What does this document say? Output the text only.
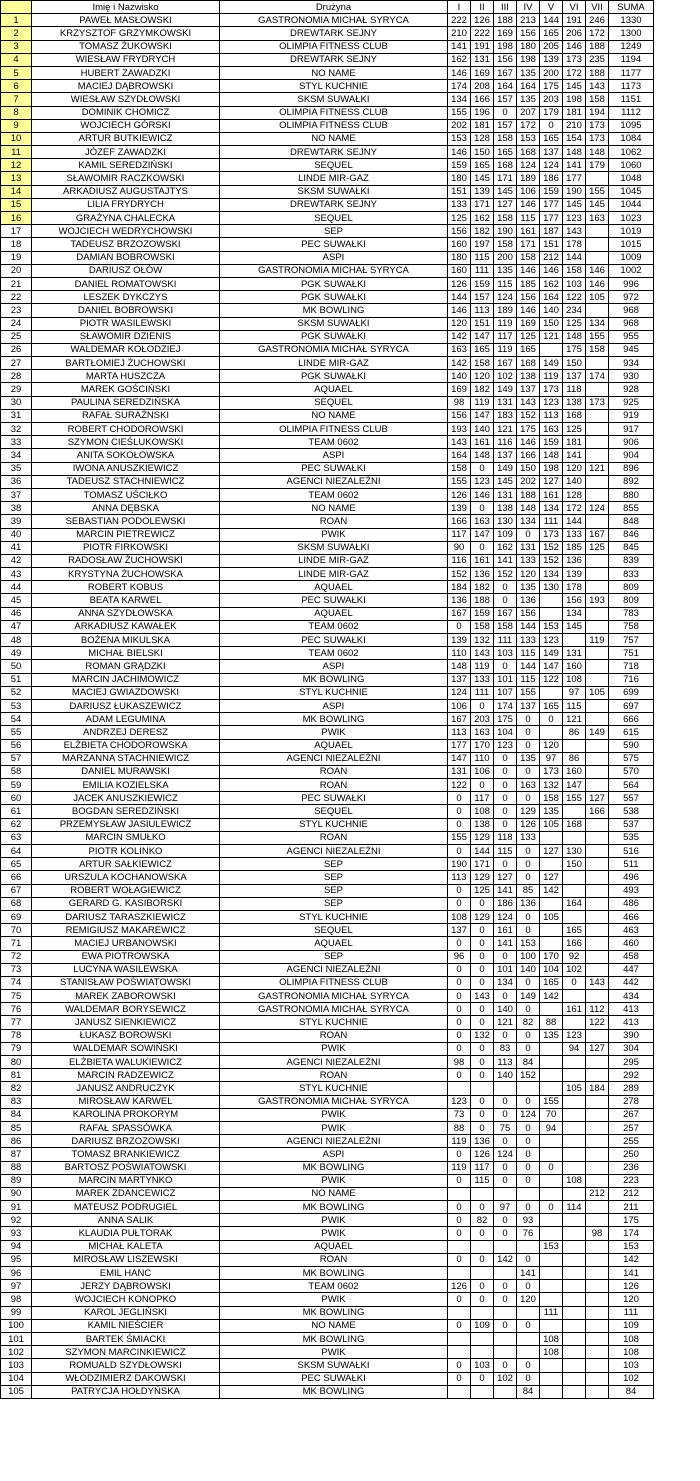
	Imię i Nazwisko	Drużyna	I	II	III	IV	V	VI	VII	SUMA
1	PAWEŁ MASŁOWSKI	GASTRONOMIA MICHAŁ SYRYCA	222	126	188	213	144	191	246	1330
2	KRZYSZTOF GRZYMKOWSKI	DREWTARK SEJNY	210	222	169	156	165	206	172	1300
3	TOMASZ ŻUKOWSKI	OLIMPIA FITNESS CLUB	141	191	198	180	205	146	188	1249
4	WIESŁAW FRYDRYCH	DREWTARK SEJNY	162	131	156	198	139	173	235	1194
5	HUBERT ZAWADZKI	NO NAME	146	169	167	135	200	172	188	1177
6	MACIEJ DĄBROWSKI	STYL KUCHNIE	174	208	164	164	175	145	143	1173
7	WIESŁAW SZYDŁOWSKI	SKSM SUWAŁKI	134	166	157	135	203	198	158	1151
8	DOMINIK CHOMICZ	OLIMPIA FITNESS CLUB	155	196	0	207	179	181	194	1112
9	WOJCIECH GÓRSKI	OLIMPIA FITNESS CLUB	202	181	157	172	0	210	173	1095
10	ARTUR BUTKIEWICZ	NO NAME	153	128	158	153	165	154	173	1084
11	JÓZEF ZAWADZKI	DREWTARK SEJNY	146	150	165	168	137	148	148	1062
12	KAMIL SEREDZIŃSKI	SEQUEL	159	165	168	124	124	141	179	1060
13	SŁAWOMIR RACZKOWSKI	LINDE MIR-GAZ	180	145	171	189	186	177		1048
14	ARKADIUSZ AUGUSTAJTYS	SKSM SUWAŁKI	151	139	145	106	159	190	155	1045
15	LILIA FRYDRYCH	DREWTARK SEJNY	133	171	127	146	177	145	145	1044
16	GRAŻYNA CHALECKA	SEQUEL	125	162	158	115	177	123	163	1023
17	WOJCIECH WEDRYCHOWSKI	SEP	156	182	190	161	187	143		1019
18	TADEUSZ BRZOZOWSKI	PEC SUWAŁKI	160	197	158	171	151	178		1015
19	DAMIAN BOBROWSKI	ASPI	180	115	200	158	212	144		1009
20	DARIUSZ OŁÓW	GASTRONOMIA MICHAŁ SYRYCA	160	111	135	146	146	158	146	1002
21	DANIEL ROMATOWSKI	PGK SUWAŁKI	126	159	115	185	162	103	146	996
22	LESZEK DYKCZYS	PGK SUWAŁKI	144	157	124	156	164	122	105	972
23	DANIEL BOBROWSKI	MK BOWLING	146	113	189	146	140	234		968
24	PIOTR WASILEWSKI	SKSM SUWAŁKI	120	151	119	169	150	125	134	968
25	SŁAWOMIR DZIENIS	PGK SUWAŁKI	142	147	117	125	121	148	155	955
26	WALDEMAR KOŁODZIEJ	GASTRONOMIA MICHAŁ SYRYCA	163	165	119	165		175	158	945
27	BARTŁOMIEJ ŻUCHOWSKI	LINDE MIR-GAZ	142	158	167	168	149	150		934
28	MARTA HUSZCZA	PGK SUWAŁKI	140	120	102	138	119	137	174	930
29	MAREK GOŚCIŃSKI	AQUAEL	169	182	149	137	173	118		928
30	PAULINA SEREDZIŃSKA	SEQUEL	98	119	131	143	123	138	173	925
31	RAFAŁ SURAŻNSKI	NO NAME	156	147	183	152	113	168		919
32	ROBERT CHODOROWSKI	OLIMPIA FITNESS CLUB	193	140	121	175	163	125		917
33	SZYMON CIEŚLUKOWSKI	TEAM 0602	143	161	116	146	159	181		906
34	ANITA SOKOŁOWSKA	ASPI	164	148	137	166	148	141		904
35	IWONA ANUSZKIEWICZ	PEC SUWAŁKI	158	0	149	150	198	120	121	896
36	TADEUSZ STACHNIEWICZ	AGENCI NIEZALEŻNI	155	123	145	202	127	140		892
37	TOMASZ UŚCIŁKO	TEAM 0602	126	146	131	188	161	128		880
38	ANNA DĘBSKA	NO NAME	139	0	138	148	134	172	124	855
39	SEBASTIAN PODOLEWSKI	ROAN	166	163	130	134	111	144		848
40	MARCIN PIETREWICZ	PWIK	117	147	109	0	173	133	167	846
41	PIOTR FIRKOWSKI	SKSM SUWAŁKI	90	0	162	131	152	185	125	845
42	RADOSŁAW ŻUCHOWSKI	LINDE MIR-GAZ	116	161	141	133	152	136		839
43	KRYSTYNA ŻUCHOWSKA	LINDE MIR-GAZ	152	136	152	120	134	139		833
44	ROBERT KOBUS	AQUAEL	184	182	0	135	130	178		809
45	BEATA KARWEL	PEC SUWAŁKI	136	188	0	136		156	193	809
46	ANNA SZYDŁOWSKA	AQUAEL	167	159	167	156		134		783
47	ARKADIUSZ KAWAŁEK	TEAM 0602	0	158	158	144	153	145		758
48	BOŻENA MIKULSKA	PEC SUWAŁKI	139	132	111	133	123		119	757
49	MICHAŁ BIELSKI	TEAM 0602	110	143	103	115	149	131		751
50	ROMAN GRĄDZKI	ASPI	148	119	0	144	147	160		718
51	MARCIN JACHIMOWICZ	MK BOWLING	137	133	101	115	122	108		716
52	MACIEJ GWIAZDOWSKI	STYL KUCHNIE	124	111	107	155		97	105	699
53	DARIUSZ ŁUKASZEWICZ	ASPI	106	0	174	137	165	115		697
54	ADAM LEGUMINA	MK BOWLING	167	203	175	0	0	121		666
55	ANDRZEJ DERESZ	PWIK	113	163	104	0		86	149	615
56	ELŻBIETA CHODOROWSKA	AQUAEL	177	170	123	0	120			590
57	MARZANNA STACHNIEWICZ	AGENCI NIEZALEŻNI	147	110	0	135	97	86		575
58	DANIEL MURAWSKI	ROAN	131	106	0	0	173	160		570
59	EMILIA KOZIELSKA	ROAN	122	0	0	163	132	147		564
60	JACEK ANUSZKIEWICZ	PEC SUWAŁKI	0	117	0	0	158	155	127	557
61	BOGDAN SEREDZIŃSKI	SEQUEL	0	108	0	129	135		166	538
62	PRZEMYSŁAW JASIULEWICZ	STYL KUCHNIE	0	138	0	126	105	168		537
63	MARCIN SMUŁKO	ROAN	155	129	118	133				535
64	PIOTR KOLINKO	AGENCI NIEZALEŻNI	0	144	115	0	127	130		516
65	ARTUR SAŁKIEWICZ	SEP	190	171	0	0		150		511
66	URSZULA KOCHANOWSKA	SEP	113	129	127	0	127			496
67	ROBERT WOŁAGIEWICZ	SEP	0	125	141	85	142			493
68	GERARD G. KASIBORSKI	SEP	0	0	186	136		164		486
69	DARIUSZ TARASZKIEWICZ	STYL KUCHNIE	108	129	124	0	105			466
70	REMIGIUSZ MAKAREWICZ	SEQUEL	137	0	161	0		165		463
71	MACIEJ URBANOWSKI	AQUAEL	0	0	141	153		166		460
72	EWA PIOTROWSKA	SEP	96	0	0	100	170	92		458
73	LUCYNA WASILEWSKA	AGENCI NIEZALEŻNI	0	0	101	140	104	102		447
74	STANISŁAW POŚWIATOWSKI	OLIMPIA FITNESS CLUB	0	0	134	0	165	0	143	442
75	MAREK ZABOROWSKI	GASTRONOMIA MICHAŁ SYRYCA	0	143	0	149	142			434
76	WALDEMAR BORYSEWICZ	GASTRONOMIA MICHAŁ SYRYCA	0	0	140	0		161	112	413
77	JANUSZ SIENKIEWICZ	STYL KUCHNIE	0	0	121	82	88		122	413
78	ŁUKASZ BOROWSKI	ROAN	0	132	0	0	135	123		390
79	WALDEMAR SOWIŃSKI	PWIK	0	0	83	0		94	127	304
80	ELŻBIETA WALUKIEWICZ	AGENCI NIEZALEŻNI	98	0	113	84				295
81	MARCIN RADZEWICZ	ROAN	0	0	140	152				292
82	JANUSZ ANDRUCZYK	STYL KUCHNIE						105	184	289
83	MIROSŁAW KARWEL	GASTRONOMIA MICHAŁ SYRYCA	123	0	0	0	155			278
84	KAROLINA PROKORYM	PWIK	73	0	0	124	70			267
85	RAFAŁ SPASSÓWKA	PWIK	88	0	75	0	94			257
86	DARIUSZ BRZOZOWSKI	AGENCI NIEZALEŻNI	119	136	0	0				255
87	TOMASZ BRANKIEWICZ	ASPI	0	126	124	0				250
88	BARTOSZ POŚWIATOWSKI	MK BOWLING	119	117	0	0	0			236
89	MARCIN MARTYNKO	PWIK	0	115	0	0		108		223
90	MAREK ZDANCEWICZ	NO NAME							212	212
91	MATEUSZ PODRUGIEL	MK BOWLING	0	0	97	0	0	114		211
92	ANNA SALIK	PWIK	0	82	0	93				175
93	KLAUDIA PUŁTORAK	PWIK	0	0	0	76			98	174
94	MICHAŁ KALETA	AQUAEL					153			153
95	MIROSŁAW LISZEWSKI	ROAN	0	0	142	0				142
96	EMIL HANC	MK BOWLING				141				141
97	JERZY DĄBROWSKI	TEAM 0602	126	0	0	0				126
98	WOJCIECH KONOPKO	PWIK	0	0	0	120				120
99	KAROL JEGLIŃSKI	MK BOWLING					111			111
100	KAMIL NIEŚCIER	NO NAME	0	109	0	0				109
101	BARTEK ŚMIACKI	MK BOWLING					108			108
102	SZYMON MARCINKIEWICZ	PWIK					108			108
103	ROMUALD SZYDŁOWSKI	SKSM SUWAŁKI	0	103	0	0				103
104	WŁODZIMIERZ DAKOWSKI	PEC SUWAŁKI	0	0	102	0				102
105	PATRYCJA HOŁDYŃSKA	MK BOWLING				84				84
